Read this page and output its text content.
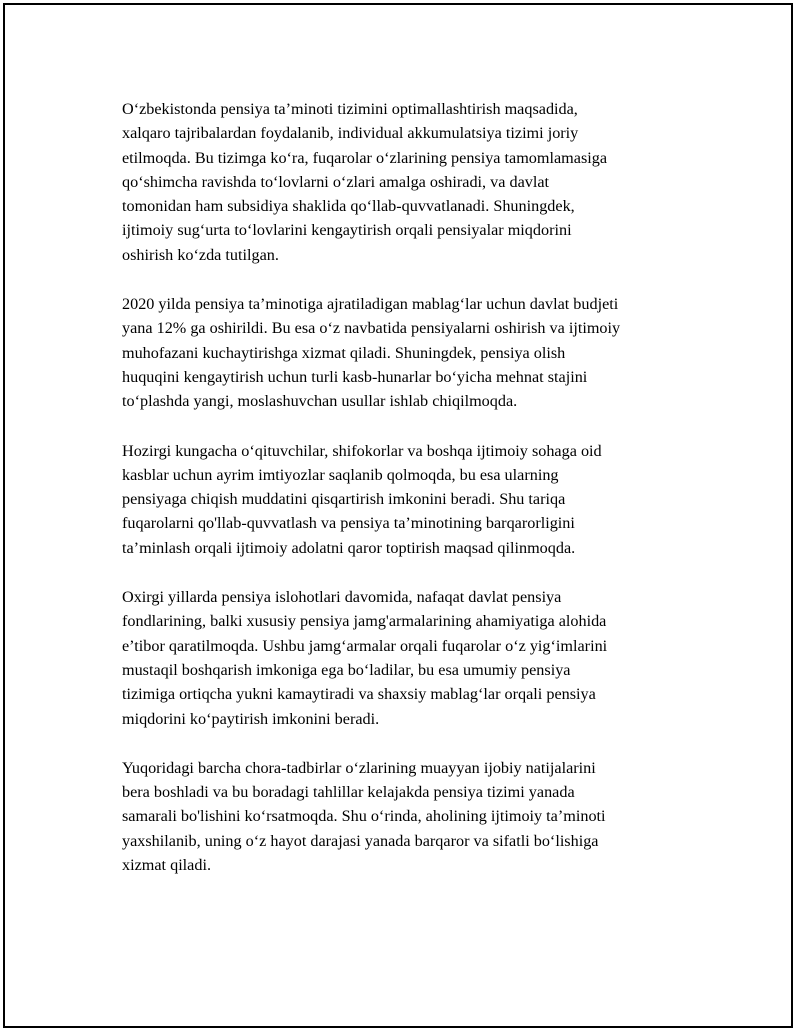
O‘zbekistonda pensiya ta’minoti tizimini optimallashtirish maqsadida,
xalqaro tajribalardan foydalanib, individual akkumulatsiya tizimi joriy
etilmoqda. Bu tizimga ko‘ra, fuqarolar o‘zlarining pensiya tamomlamasiga
qo‘shimcha ravishda to‘lovlarni o‘zlari amalga oshiradi, va davlat
tomonidan ham subsidiya shaklida qo‘llab-quvvatlanadi. Shuningdek,
ijtimoiy sug‘urta to‘lovlarini kengaytirish orqali pensiyalar miqdorini
oshirish ko‘zda tutilgan.

2020 yilda pensiya ta’minotiga ajratiladigan mablag‘lar uchun davlat budjeti
yana 12% ga oshirildi. Bu esa o‘z navbatida pensiyalarni oshirish va ijtimoiy
muhofazani kuchaytirishga xizmat qiladi. Shuningdek, pensiya olish
huquqini kengaytirish uchun turli kasb-hunarlar bo‘yicha mehnat stajini
to‘plashda yangi, moslashuvchan usullar ishlab chiqilmoqda.

Hozirgi kungacha o‘qituvchilar, shifokorlar va boshqa ijtimoiy sohaga oid
kasblar uchun ayrim imtiyozlar saqlanib qolmoqda, bu esa ularning
pensiyaga chiqish muddatini qisqartirish imkonini beradi. Shu tariqa
fuqarolarni qo'llab-quvvatlash va pensiya ta’minotining barqarorligini
ta’minlash orqali ijtimoiy adolatni qaror toptirish maqsad qilinmoqda.

Oxirgi yillarda pensiya islohotlari davomida, nafaqat davlat pensiya
fondlarining, balki xususiy pensiya jamg'armalarining ahamiyatiga alohida
e’tibor qaratilmoqda. Ushbu jamg‘armalar orqali fuqarolar o‘z yig‘imlarini
mustaqil boshqarish imkoniga ega bo‘ladilar, bu esa umumiy pensiya
tizimiga ortiqcha yukni kamaytiradi va shaxsiy mablag‘lar orqali pensiya
miqdorini ko‘paytirish imkonini beradi.

Yuqoridagi barcha chora-tadbirlar o‘zlarining muayyan ijobiy natijalarini
bera boshladi va bu boradagi tahlillar kelajakda pensiya tizimi yanada
samarali bo'lishini ko‘rsatmoqda. Shu o‘rinda, aholining ijtimoiy ta’minoti
yaxshilanib, uning o‘z hayot darajasi yanada barqaror va sifatli bo‘lishiga
xizmat qiladi.
